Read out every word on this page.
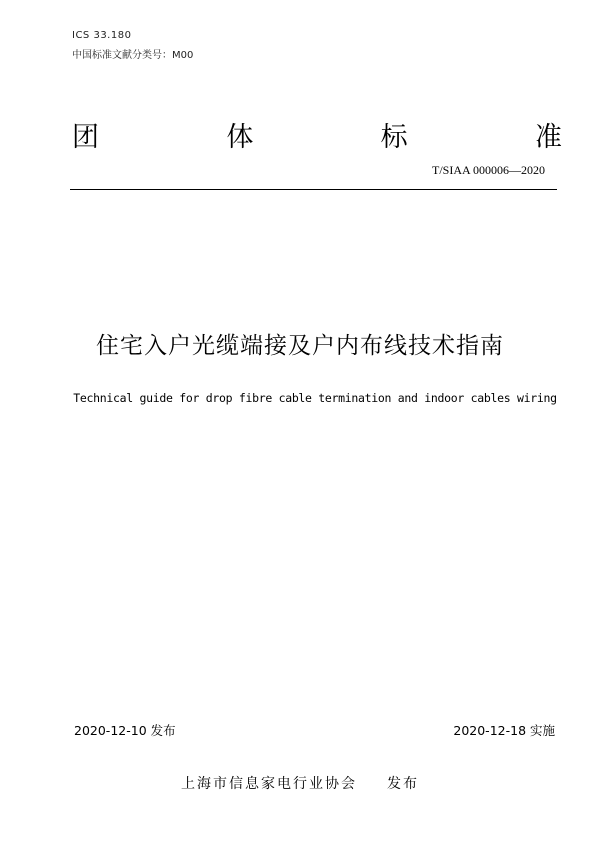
ICS 33.180
中国标准文献分类号：M00
团	体	标	准
T/SIAA 000006—2020
住宅入户光缆端接及户内布线技术指南
Technical guide for drop fibre cable termination and indoor cables wiring
2020-12-10 发布	2020-12-18 实施
上海市信息家电行业协会 发布
